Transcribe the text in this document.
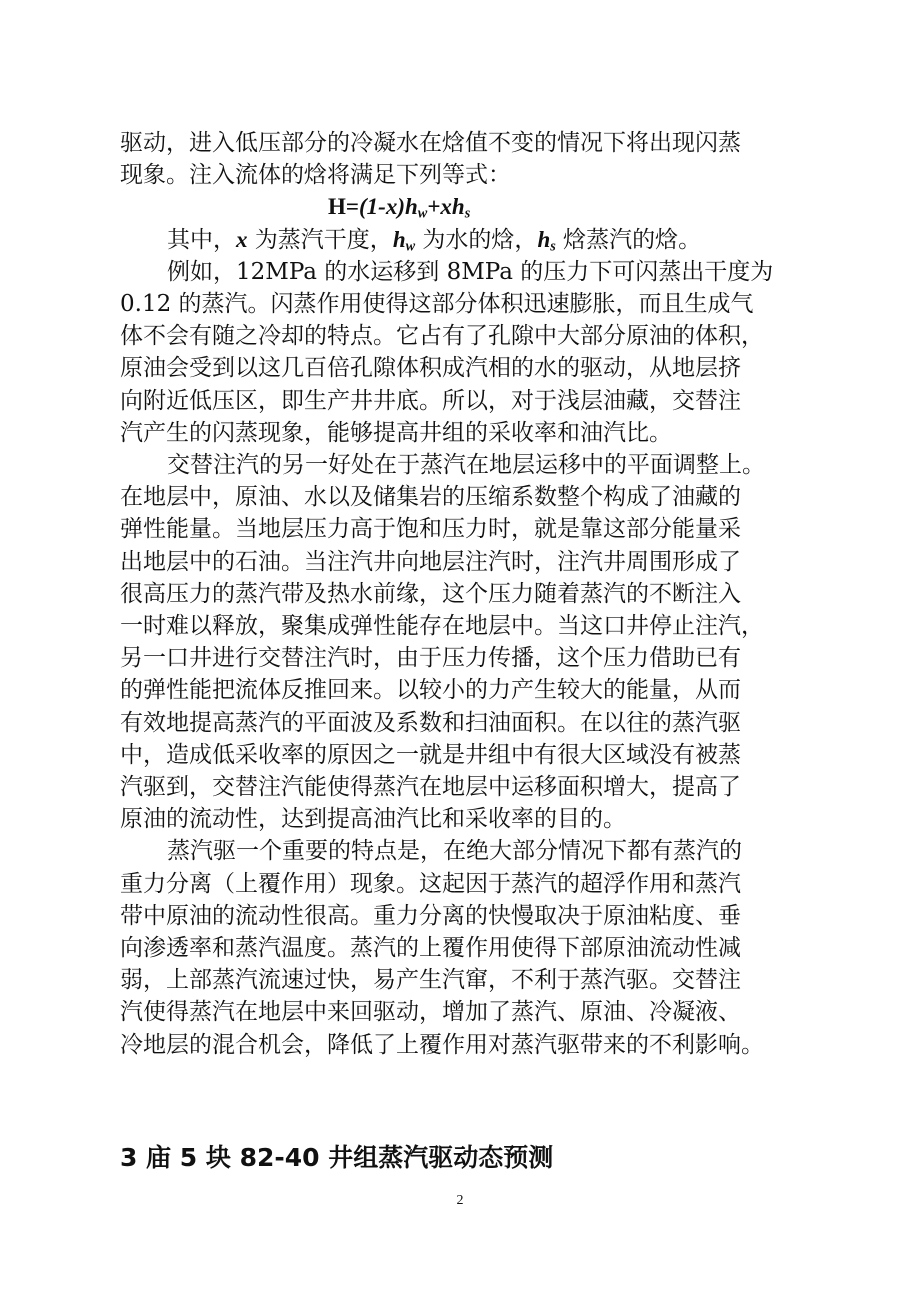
驱动，进入低压部分的冷凝水在焓值不变的情况下将出现闪蒸
现象。注入流体的焓将满足下列等式：

$H=(1-x)h_w+xh_s$

其中，x 为蒸汽干度，$h_w$ 为水的焓，$h_s$ 焓蒸汽的焓。

例如，12MPa 的水运移到 8MPa 的压力下可闪蒸出干度为
0.12 的蒸汽。闪蒸作用使得这部分体积迅速膨胀，而且生成气
体不会有随之冷却的特点。它占有了孔隙中大部分原油的体积，
原油会受到以这几百倍孔隙体积成汽相的水的驱动，从地层挤
向附近低压区，即生产井井底。所以，对于浅层油藏，交替注
汽产生的闪蒸现象，能够提高井组的采收率和油汽比。

交替注汽的另一好处在于蒸汽在地层运移中的平面调整上。
在地层中，原油、水以及储集岩的压缩系数整个构成了油藏的
弹性能量。当地层压力高于饱和压力时，就是靠这部分能量采
出地层中的石油。当注汽井向地层注汽时，注汽井周围形成了
很高压力的蒸汽带及热水前缘，这个压力随着蒸汽的不断注入
一时难以释放，聚集成弹性能存在地层中。当这口井停止注汽，
另一口井进行交替注汽时，由于压力传播，这个压力借助已有
的弹性能把流体反推回来。以较小的力产生较大的能量，从而
有效地提高蒸汽的平面波及系数和扫油面积。在以往的蒸汽驱
中，造成低采收率的原因之一就是井组中有很大区域没有被蒸
汽驱到，交替注汽能使得蒸汽在地层中运移面积增大，提高了
原油的流动性，达到提高油汽比和采收率的目的。

蒸汽驱一个重要的特点是，在绝大部分情况下都有蒸汽的
重力分离（上覆作用）现象。这起因于蒸汽的超浮作用和蒸汽
带中原油的流动性很高。重力分离的快慢取决于原油粘度、垂
向渗透率和蒸汽温度。蒸汽的上覆作用使得下部原油流动性减
弱，上部蒸汽流速过快，易产生汽窜，不利于蒸汽驱。交替注
汽使得蒸汽在地层中来回驱动，增加了蒸汽、原油、冷凝液、
冷地层的混合机会，降低了上覆作用对蒸汽驱带来的不利影响。

3 庙 5 块 82-40 井组蒸汽驱动态预测
2
